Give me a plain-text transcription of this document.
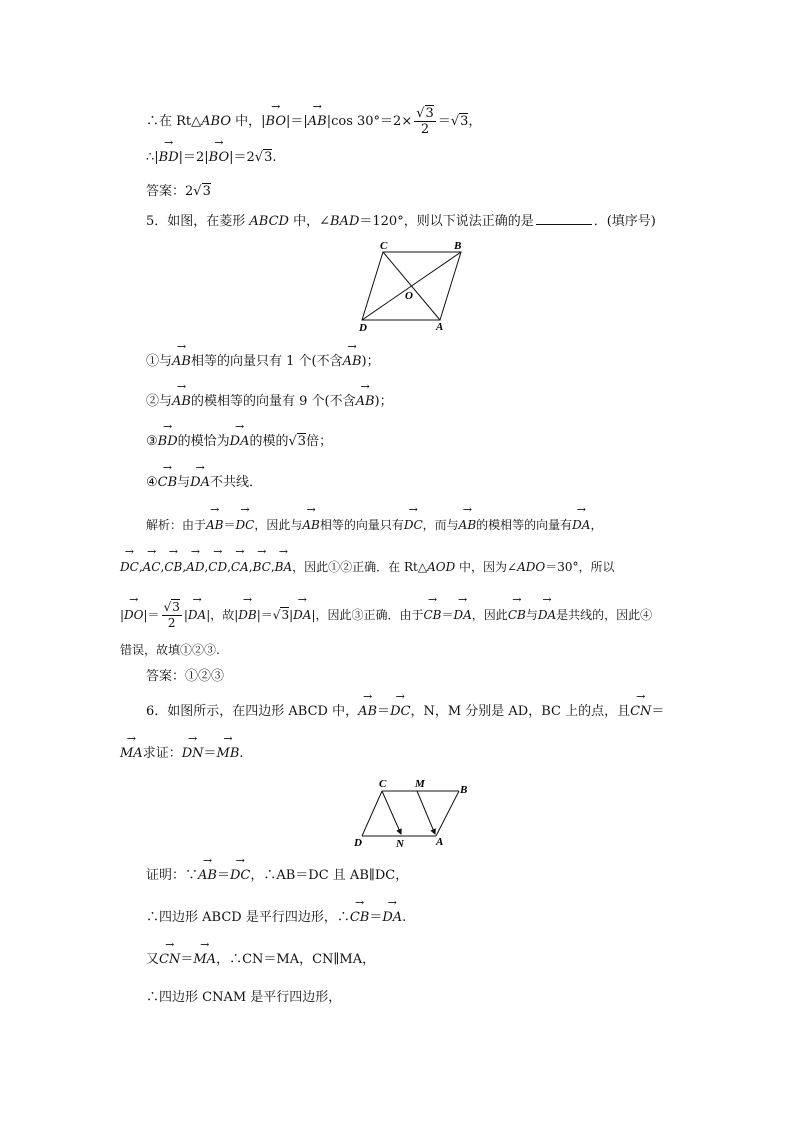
∴在 Rt△ABO 中，|→ BO|＝|→ AB|cos $30^\circ=2\times \frac{√3}{2} =√3$，
∴|→ BD|＝2|→ BO|＝2√3.
答案：2√3
5．如图，在菱形 ABCD 中，∠BAD＝120°，则以下说法正确的是	．(填序号)
C	B
O
D	A
①与→ AB相等的向量只有 1 个(不含→ AB)；
②与→ AB的模相等的向量有 9 个(不含→ AB)；
③→ BD的模恰为→ DA的模的√3倍；
④→ CB与→ DA不共线．
解析：由于→ AB＝→ DC，因此与→ AB相等的向量只有→ DC，而与→ AB的模相等的向量有→ DA，
→ DC,→ AC,→ CB,→ AD,→ CD,→ CA,→ BC,→ BA，因此①②正确．在 Rt△AOD 中，因为∠ADO＝30°，所以
|→ $DO|= \frac{√3}{2}$ |→ DA|，故|→ DB|＝√3|→ DA|，因此③正确．由于→ CB＝→ DA，因此→ CB与→ DA是共线的，因此④
错误，故填①②③.
答案：①②③
6．如图所示，在四边形 ABCD 中，→ AB＝→ DC，N，M 分别是 AD，BC 上的点，且→ CN＝
→ MA求证：→ DN＝→ MB.
C	M	B
D	N	A
证明：∵→ AB＝→ DC，∴AB＝DC 且 AB∥DC，
∴四边形 ABCD 是平行四边形，∴→ CB＝→ DA.
又→ CN＝→ MA，∴CN＝MA，CN∥MA，
∴四边形 CNAM 是平行四边形，
